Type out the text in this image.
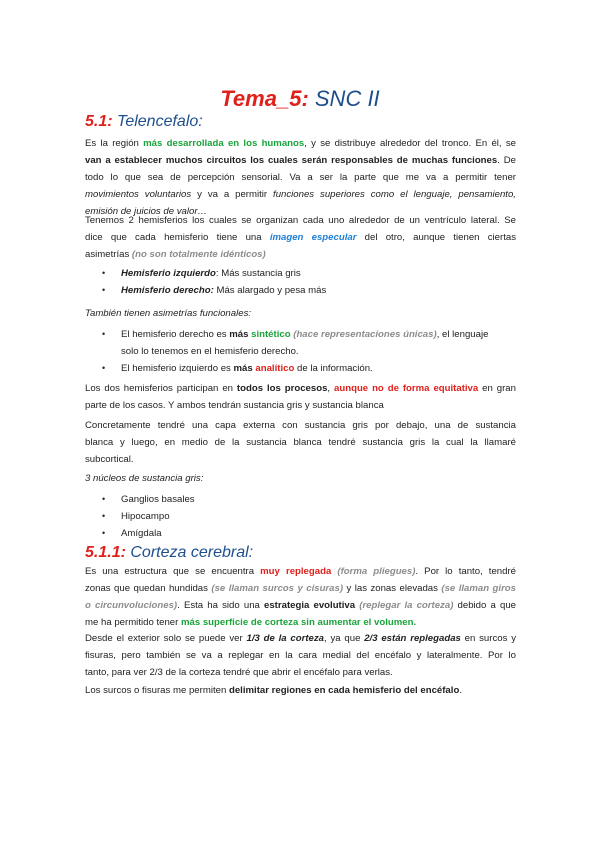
Tema_5: SNC II
5.1: Telencefalo:
Es la región más desarrollada en los humanos, y se distribuye alrededor del tronco. En él, se
van a establecer muchos circuitos los cuales serán responsables de muchas funciones. De
todo lo que sea de percepción sensorial. Va a ser la parte que me va a permitir tener
movimientos voluntarios y va a permitir funciones superiores como el lenguaje, pensamiento,
emisión de juicios de valor…
Tenemos 2 hemisferios los cuales se organizan cada uno alrededor de un ventrículo lateral. Se
dice que cada hemisferio tiene una imagen especular del otro, aunque tienen ciertas
asimetrías (no son totalmente idénticos)
• Hemisferio izquierdo: Más sustancia gris
• Hemisferio derecho: Más alargado y pesa más
También tienen asimetrías funcionales:
• El hemisferio derecho es más sintético (hace representaciones únicas), el lenguaje
solo lo tenemos en el hemisferio derecho.
• El hemisferio izquierdo es más analítico de la información.
Los dos hemisferios participan en todos los procesos, aunque no de forma equitativa en gran
parte de los casos. Y ambos tendrán sustancia gris y sustancia blanca
Concretamente tendré una capa externa con sustancia gris por debajo, una de sustancia
blanca y luego, en medio de la sustancia blanca tendré sustancia gris la cual la llamaré
subcortical.
3 núcleos de sustancia gris:
• Ganglios basales
• Hipocampo
• Amígdala
5.1.1: Corteza cerebral:
Es una estructura que se encuentra muy replegada (forma pliegues). Por lo tanto, tendré
zonas que quedan hundidas (se llaman surcos y cisuras) y las zonas elevadas (se llaman giros
o circunvoluciones). Esta ha sido una estrategia evolutiva (replegar la corteza) debido a que
me ha permitido tener más superficie de corteza sin aumentar el volumen.
Desde el exterior solo se puede ver 1/3 de la corteza, ya que 2/3 están replegadas en surcos y
fisuras, pero también se va a replegar en la cara medial del encéfalo y lateralmente. Por lo
tanto, para ver 2/3 de la corteza tendré que abrir el encéfalo para verlas.
Los surcos o fisuras me permiten delimitar regiones en cada hemisferio del encéfalo.
